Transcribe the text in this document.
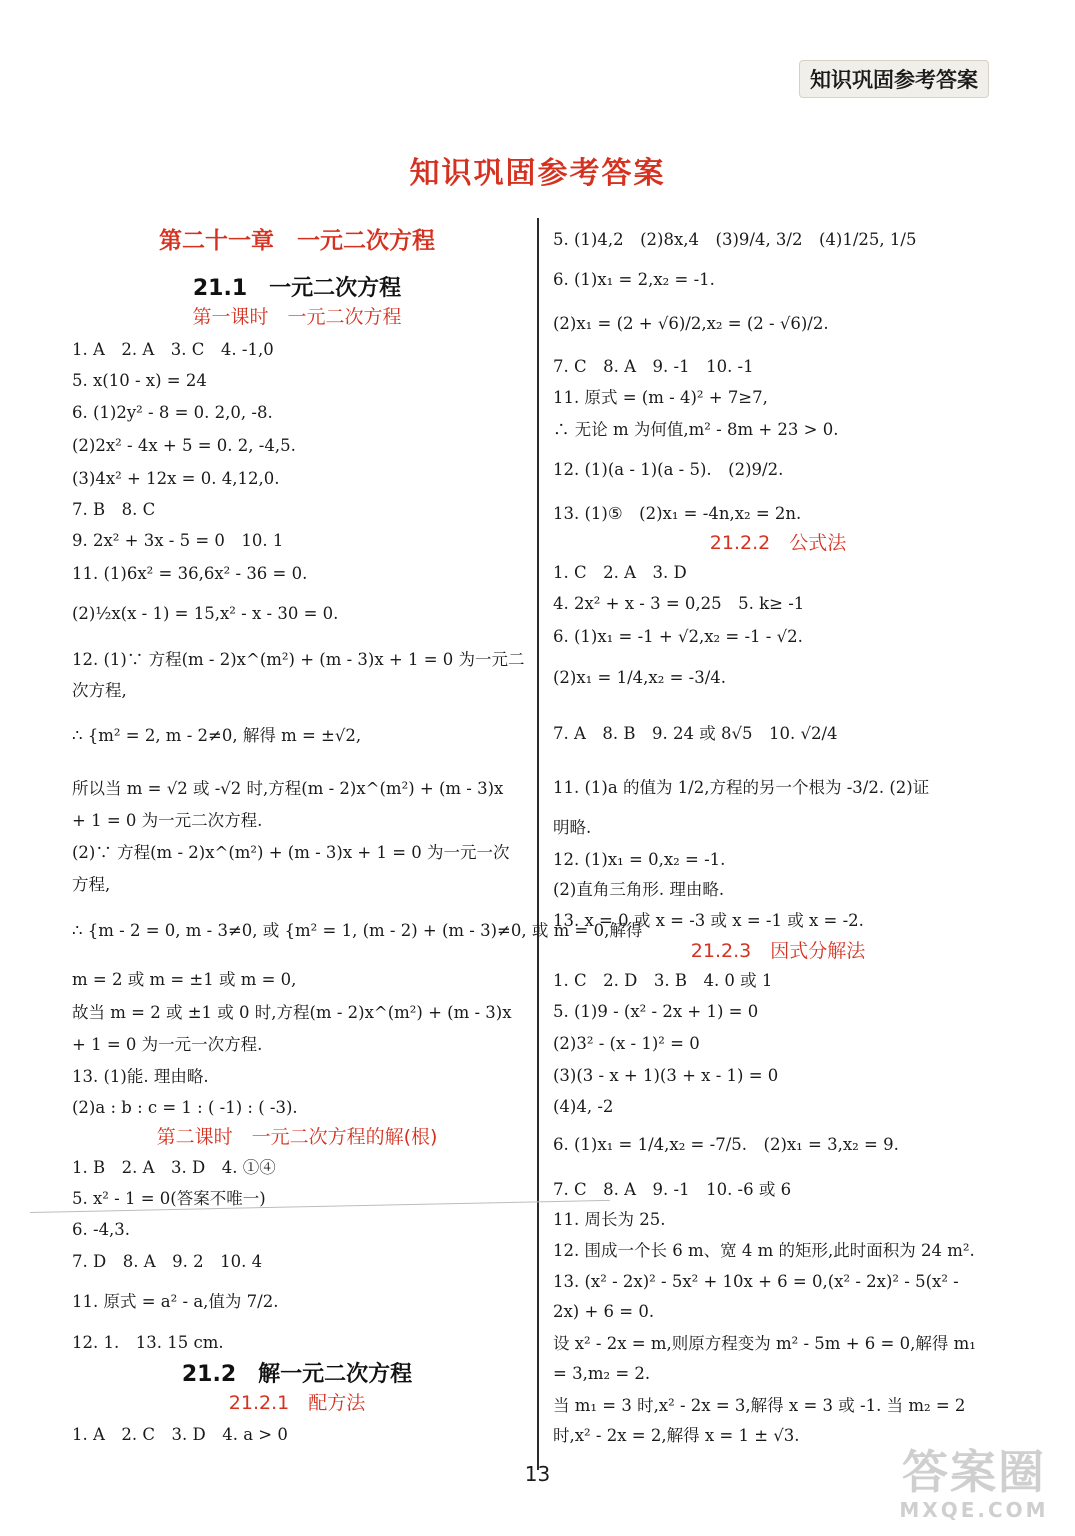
知识巩固参考答案
知识巩固参考答案
第二十一章　一元二次方程
21.1　一元二次方程
第一课时　一元二次方程
1. A　2. A　3. C　4. -1,0
5. x(10 - x) = 24
6. (1)2y² - 8 = 0. 2,0, -8.
(2)2x² - 4x + 5 = 0. 2, -4,5.
(3)4x² + 12x = 0. 4,12,0.
7. B　8. C
9. 2x² + 3x - 5 = 0　10. 1
11. (1)6x² = 36,6x² - 36 = 0.
(2)½x(x - 1) = 15,x² - x - 30 = 0.
12. (1)∵ 方程(m - 2)x^(m²) + (m - 3)x + 1 = 0 为一元二
次方程,
∴ {m² = 2, m - 2≠0, 解得 m = ±√2,
所以当 m = √2 或 -√2 时,方程(m - 2)x^(m²) + (m - 3)x
+ 1 = 0 为一元二次方程.
(2)∵ 方程(m - 2)x^(m²) + (m - 3)x + 1 = 0 为一元一次
方程,
∴ {m - 2 = 0, m - 3≠0, 或 {m² = 1, (m - 2) + (m - 3)≠0, 或 m = 0,解得
m = 2 或 m = ±1 或 m = 0,
故当 m = 2 或 ±1 或 0 时,方程(m - 2)x^(m²) + (m - 3)x
+ 1 = 0 为一元一次方程.
13. (1)能. 理由略.
(2)a : b : c = 1 : ( -1) : ( -3).
第二课时　一元二次方程的解(根)
1. B　2. A　3. D　4. ①④
5. x² - 1 = 0(答案不唯一)
6. -4,3.
7. D　8. A　9. 2　10. 4
11. 原式 = a² - a,值为 7/2.
12. 1.　13. 15 cm.
21.2　解一元二次方程
21.2.1　配方法
1. A　2. C　3. D　4. a > 0
5. (1)4,2　(2)8x,4　(3)9/4, 3/2　(4)1/25, 1/5
6. (1)x₁ = 2,x₂ = -1.
(2)x₁ = (2 + √6)/2,x₂ = (2 - √6)/2.
7. C　8. A　9. -1　10. -1
11. 原式 = (m - 4)² + 7≥7,
∴ 无论 m 为何值,m² - 8m + 23 > 0.
12. (1)(a - 1)(a - 5).　(2)9/2.
13. (1)⑤　(2)x₁ = -4n,x₂ = 2n.
21.2.2　公式法
1. C　2. A　3. D
4. 2x² + x - 3 = 0,25　5. k≥ -1
6. (1)x₁ = -1 + √2,x₂ = -1 - √2.
(2)x₁ = 1/4,x₂ = -3/4.
7. A　8. B　9. 24 或 8√5　10. √2/4
11. (1)a 的值为 1/2,方程的另一个根为 -3/2. (2)证
明略.
12. (1)x₁ = 0,x₂ = -1.
(2)直角三角形. 理由略.
13. x = 0 或 x = -3 或 x = -1 或 x = -2.
21.2.3　因式分解法
1. C　2. D　3. B　4. 0 或 1
5. (1)9 - (x² - 2x + 1) = 0
(2)3² - (x - 1)² = 0
(3)(3 - x + 1)(3 + x - 1) = 0
(4)4, -2
6. (1)x₁ = 1/4,x₂ = -7/5.　(2)x₁ = 3,x₂ = 9.
7. C　8. A　9. -1　10. -6 或 6
11. 周长为 25.
12. 围成一个长 6 m、宽 4 m 的矩形,此时面积为 24 m².
13. (x² - 2x)² - 5x² + 10x + 6 = 0,(x² - 2x)² - 5(x² -
2x) + 6 = 0.
设 x² - 2x = m,则原方程变为 m² - 5m + 6 = 0,解得 m₁
= 3,m₂ = 2.
当 m₁ = 3 时,x² - 2x = 3,解得 x = 3 或 -1. 当 m₂ = 2
时,x² - 2x = 2,解得 x = 1 ± √3.
13	答案圈
MXQE.COM
